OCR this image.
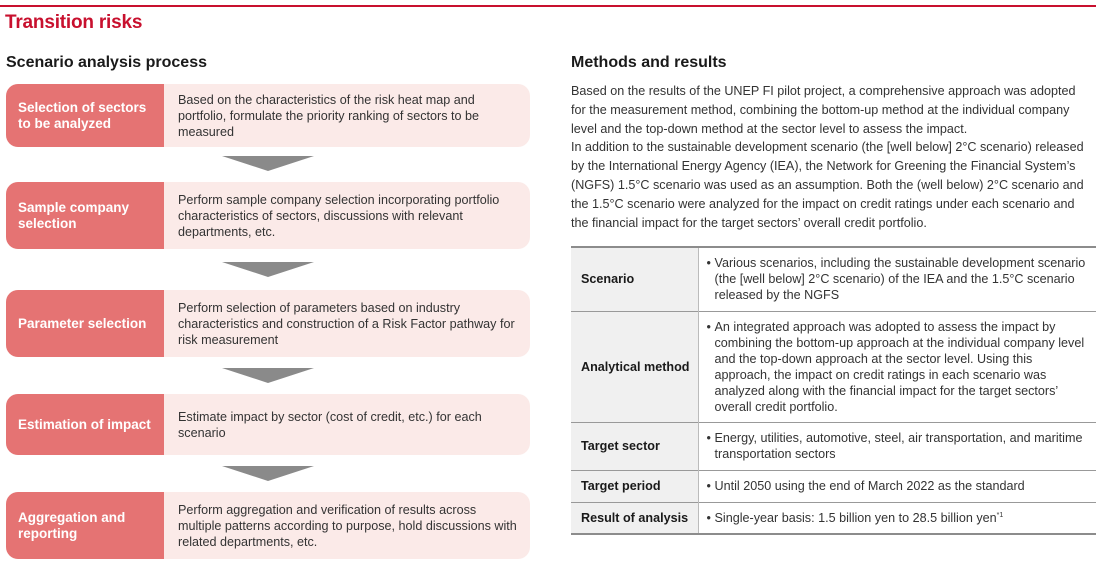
Transition risks
Scenario analysis process
Selection of sectors to be analyzed
Based on the characteristics of the risk heat map and portfolio, formulate the priority ranking of sectors to be measured
Sample company selection
Perform sample company selection incorporating portfolio characteristics of sectors, discussions with relevant departments, etc.
Parameter selection
Perform selection of parameters based on industry characteristics and construction of a Risk Factor pathway for risk measurement
Estimation of impact	Estimate impact by sector (cost of credit, etc.) for each scenario
Aggregation and reporting
Perform aggregation and verification of results across multiple patterns according to purpose, hold discussions with related departments, etc.
Methods and results

Based on the results of the UNEP FI pilot project, a comprehensive approach was adopted for the measurement method, combining the bottom-up method at the individual company level and the top-down method at the sector level to assess the impact.

In addition to the sustainable development scenario (the [well below] 2°C scenario) released by the International Energy Agency (IEA), the Network for Greening the Financial System’s (NGFS) 1.5°C scenario was used as an assumption. Both the (well below) 2°C scenario and the 1.5°C scenario were analyzed for the impact on credit ratings under each scenario and the financial impact for the target sectors’ overall credit portfolio.

Scenario	• Various scenarios, including the sustainable development scenario (the [well below] 2°C scenario) of the IEA and the 1.5°C scenario released by the NGFS

Analytical method	• An integrated approach was adopted to assess the impact by combining the bottom-up approach at the individual company level and the top-down approach at the sector level. Using this approach, the impact on credit ratings in each scenario was analyzed along with the financial impact for the target sectors’ overall credit portfolio.

Target sector	• Energy, utilities, automotive, steel, air transportation, and maritime transportation sectors

Target period	• Until 2050 using the end of March 2022 as the standard

Result of analysis	• Single-year basis: 1.5 billion yen to 28.5 billion yen$^{*1}$
